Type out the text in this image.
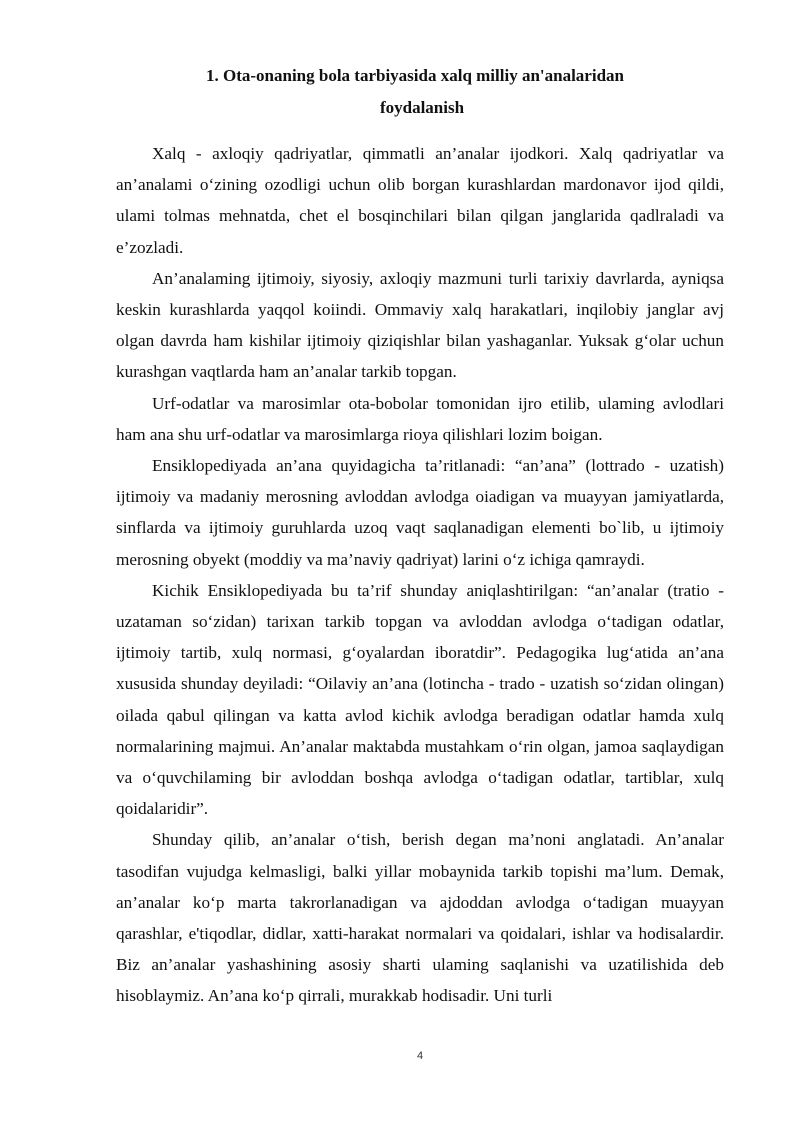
1. Ota-onaning bola tarbiyasida xalq milliy an'analaridan
foydalanish

Xalq - axloqiy qadriyatlar, qimmatli an’analar ijodkori. Xalq qadriyatlar va an’analami o‘zining ozodligi uchun olib borgan kurashlardan mardonavor ijod qildi, ulami tolmas mehnatda, chet el bosqinchilari bilan qilgan janglarida qadlraladi va e’zozladi.

An’analaming ijtimoiy, siyosiy, axloqiy mazmuni turli tarixiy davrlarda, ayniqsa keskin kurashlarda yaqqol koiindi. Ommaviy xalq harakatlari, inqilobiy janglar avj olgan davrda ham kishilar ijtimoiy qiziqishlar bilan yashaganlar. Yuksak g‘olar uchun kurashgan vaqtlarda ham an’analar tarkib topgan.

Urf-odatlar va marosimlar ota-bobolar tomonidan ijro etilib, ulaming avlodlari ham ana shu urf-odatlar va marosimlarga rioya qilishlari lozim boigan.

Ensiklopediyada an’ana quyidagicha ta’ritlanadi: “an’ana” (lottrado - uzatish) ijtimoiy va madaniy merosning avloddan avlodga oiadigan va muayyan jamiyatlarda, sinflarda va ijtimoiy guruhlarda uzoq vaqt saqlanadigan elementi bo`lib, u ijtimoiy merosning obyekt (moddiy va ma’naviy qadriyat) larini o‘z ichiga qamraydi.

Kichik Ensiklopediyada bu ta’rif shunday aniqlashtirilgan: “an’analar (tratio - uzataman so‘zidan) tarixan tarkib topgan va avloddan avlodga o‘tadigan odatlar, ijtimoiy tartib, xulq normasi, g‘oyalardan iboratdir”. Pedagogika lug‘atida an’ana xususida shunday deyiladi: “Oilaviy an’ana (lotincha - trado - uzatish so‘zidan olingan) oilada qabul qilingan va katta avlod kichik avlodga beradigan odatlar hamda xulq normalarining majmui. An’analar maktabda mustahkam o‘rin olgan, jamoa saqlaydigan va o‘quvchilaming bir avloddan boshqa avlodga o‘tadigan odatlar, tartiblar, xulq qoidalaridir”.

Shunday qilib, an’analar o‘tish, berish degan ma’noni anglatadi. An’analar tasodifan vujudga kelmasligi, balki yillar mobaynida tarkib topishi ma’lum. Demak, an’analar ko‘p marta takrorlanadigan va ajdoddan avlodga o‘tadigan muayyan qarashlar, e'tiqodlar, didlar, xatti-harakat normalari va qoidalari, ishlar va hodisalardir. Biz an’analar yashashining asosiy sharti ulaming saqlanishi va uzatilishida deb hisoblaymiz. An’ana ko‘p qirrali, murakkab hodisadir. Uni turli

4
